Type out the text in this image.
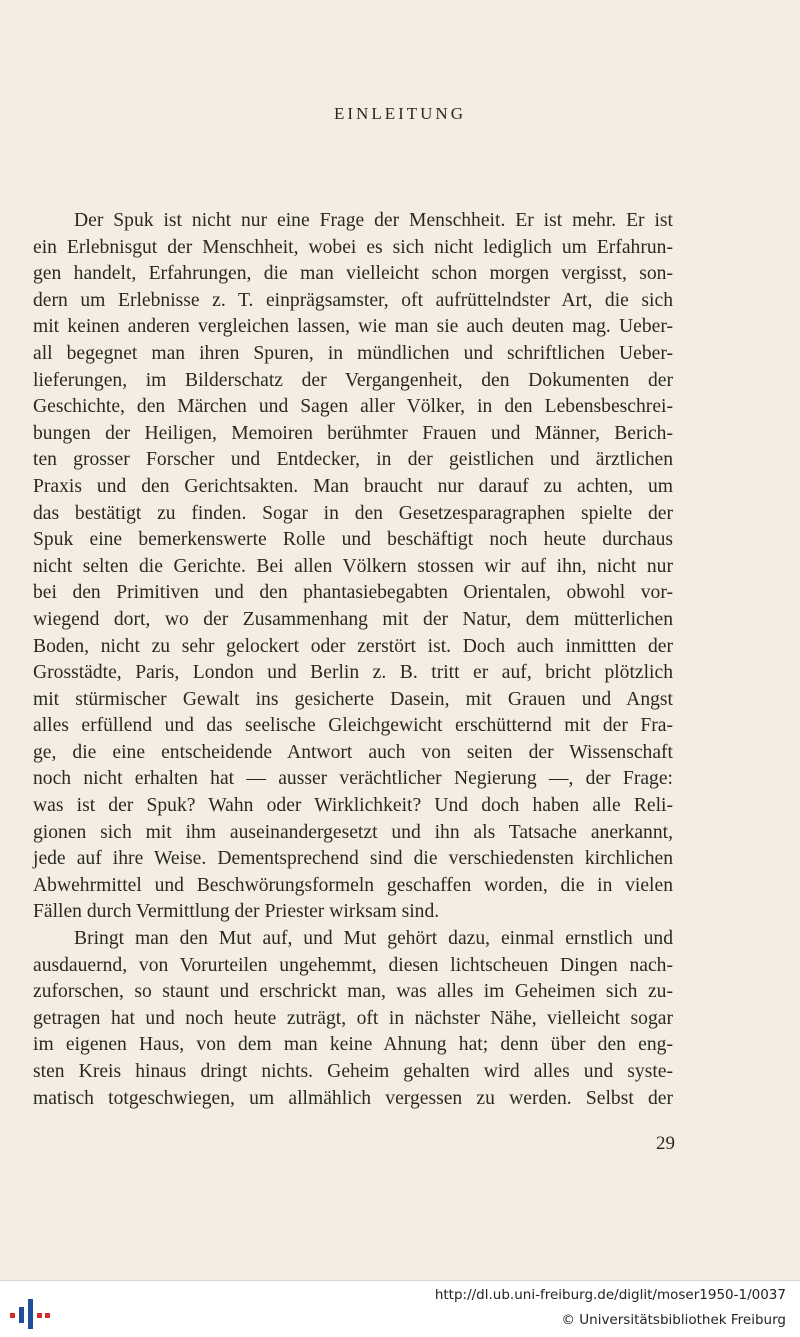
EINLEITUNG
Der Spuk ist nicht nur eine Frage der Menschheit. Er ist mehr. Er ist
ein Erlebnisgut der Menschheit, wobei es sich nicht lediglich um Erfahrun-
gen handelt, Erfahrungen, die man vielleicht schon morgen vergisst, son-
dern um Erlebnisse z. T. einprägsamster, oft aufrüttelndster Art, die sich
mit keinen anderen vergleichen lassen, wie man sie auch deuten mag. Ueber-
all begegnet man ihren Spuren, in mündlichen und schriftlichen Ueber-
lieferungen, im Bilderschatz der Vergangenheit, den Dokumenten der
Geschichte, den Märchen und Sagen aller Völker, in den Lebensbeschrei-
bungen der Heiligen, Memoiren berühmter Frauen und Männer, Berich-
ten grosser Forscher und Entdecker, in der geistlichen und ärztlichen
Praxis und den Gerichtsakten. Man braucht nur darauf zu achten, um
das bestätigt zu finden. Sogar in den Gesetzesparagraphen spielte der
Spuk eine bemerkenswerte Rolle und beschäftigt noch heute durchaus
nicht selten die Gerichte. Bei allen Völkern stossen wir auf ihn, nicht nur
bei den Primitiven und den phantasiebegabten Orientalen, obwohl vor-
wiegend dort, wo der Zusammenhang mit der Natur, dem mütterlichen
Boden, nicht zu sehr gelockert oder zerstört ist. Doch auch inmittten der
Grosstädte, Paris, London und Berlin z. B. tritt er auf, bricht plötzlich
mit stürmischer Gewalt ins gesicherte Dasein, mit Grauen und Angst
alles erfüllend und das seelische Gleichgewicht erschütternd mit der Fra-
ge, die eine entscheidende Antwort auch von seiten der Wissenschaft
noch nicht erhalten hat — ausser verächtlicher Negierung —, der Frage:
was ist der Spuk? Wahn oder Wirklichkeit? Und doch haben alle Reli-
gionen sich mit ihm auseinandergesetzt und ihn als Tatsache anerkannt,
jede auf ihre Weise. Dementsprechend sind die verschiedensten kirchlichen
Abwehrmittel und Beschwörungsformeln geschaffen worden, die in vielen
Fällen durch Vermittlung der Priester wirksam sind.
Bringt man den Mut auf, und Mut gehört dazu, einmal ernstlich und
ausdauernd, von Vorurteilen ungehemmt, diesen lichtscheuen Dingen nach-
zuforschen, so staunt und erschrickt man, was alles im Geheimen sich zu-
getragen hat und noch heute zuträgt, oft in nächster Nähe, vielleicht sogar
im eigenen Haus, von dem man keine Ahnung hat; denn über den eng-
sten Kreis hinaus dringt nichts. Geheim gehalten wird alles und syste-
matisch totgeschwiegen, um allmählich vergessen zu werden. Selbst der
29
http://dl.ub.uni-freiburg.de/diglit/moser1950-1/0037
© Universitätsbibliothek Freiburg
